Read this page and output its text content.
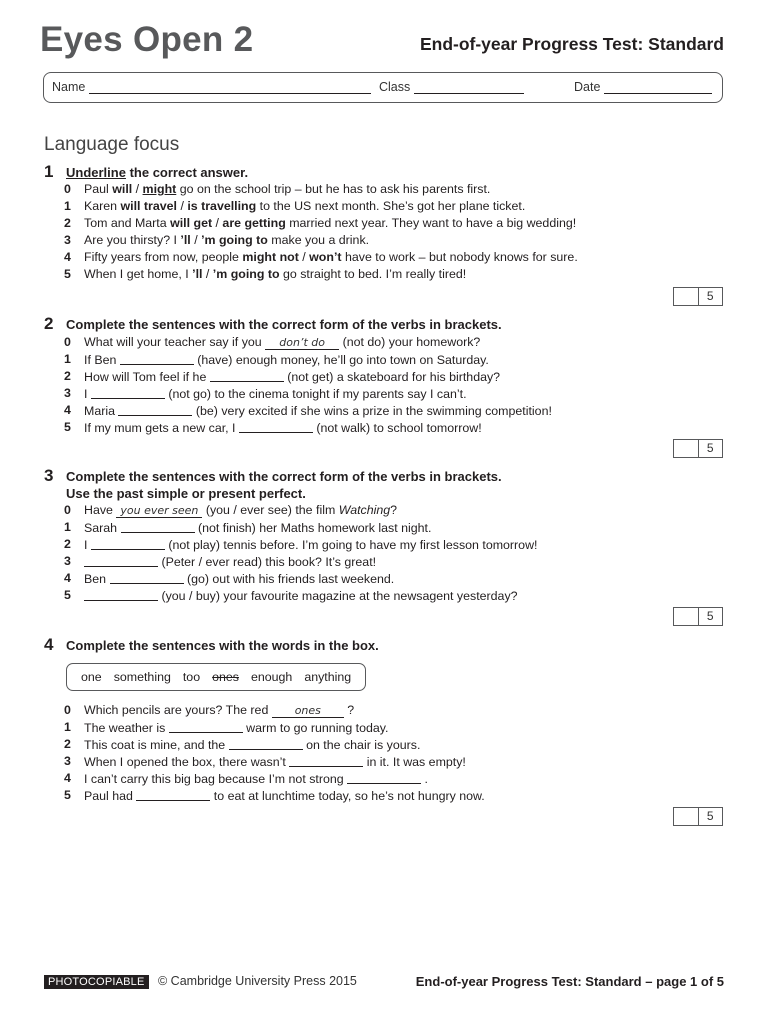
Eyes Open 2	End-of-year Progress Test: Standard
Name	Class	Date
Language focus
1 Underline the correct answer.
0	Paul will / might go on the school trip – but he has to ask his parents first.
1	Karen will travel / is travelling to the US next month. She’s got her plane ticket.
2	Tom and Marta will get / are getting married next year. They want to have a big wedding!
3	Are you thirsty? I ’ll / ’m going to make you a drink.
4	Fifty years from now, people might not / won’t have to work – but nobody knows for sure.
5	When I get home, I ’ll / ’m going to go straight to bed. I’m really tired!
5
2 Complete the sentences with the correct form of the verbs in brackets.
0	What will your teacher say if you don’t do (not do) your homework?
1	If Ben	(have) enough money, he’ll go into town on Saturday.
2	How will Tom feel if he	(not get) a skateboard for his birthday?
3	I	(not go) to the cinema tonight if my parents say I can’t.
4	Maria	(be) very excited if she wins a prize in the swimming competition!
5	If my mum gets a new car, I	(not walk) to school tomorrow!
5
3 Complete the sentences with the correct form of the verbs in brackets.
Use the past simple or present perfect.
0	Have you ever seen (you / ever see) the film Watching?
1	Sarah	(not finish) her Maths homework last night.
2	I	(not play) tennis before. I’m going to have my first lesson tomorrow!
3	(Peter / ever read) this book? It’s great!
4	Ben	(go) out with his friends last weekend.
5	(you / buy) your favourite magazine at the newsagent yesterday?
5
4 Complete the sentences with the words in the box.
one something too ones enough anything
0	Which pencils are yours? The red ones ?
1	The weather is	warm to go running today.
2	This coat is mine, and the	on the chair is yours.
3	When I opened the box, there wasn’t	in it. It was empty!
4	I can’t carry this big bag because I’m not strong	.
5	Paul had	to eat at lunchtime today, so he’s not hungry now.
5
PHOTOCOPIABLE	© Cambridge University Press 2015	End-of-year Progress Test: Standard – page 1 of 5
